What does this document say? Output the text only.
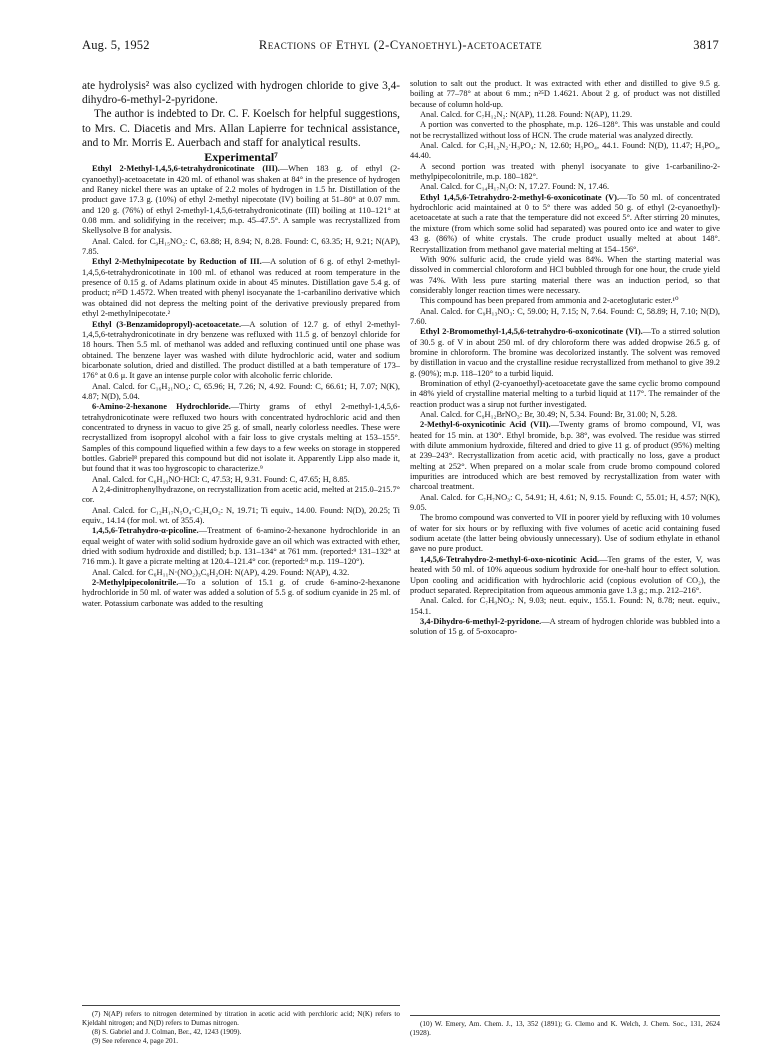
Aug. 5, 1952	Reactions of Ethyl (2-Cyanoethyl)-acetoacetate	3817

ate hydrolysis² was also cyclized with hydrogen chloride to give 3,4-dihydro-6-methyl-2-pyridone.

The author is indebted to Dr. C. F. Koelsch for helpful suggestions, to Mrs. C. Diacetis and Mrs. Allan Lapierre for technical assistance, and to Mr. Morris E. Auerbach and staff for analytical results.

Experimental⁷

Ethyl 2-Methyl-1,4,5,6-tetrahydronicotinate (III).—When 183 g. of ethyl (2-cyanoethyl)-acetoacetate in 420 ml. of ethanol was shaken at 84° in the presence of hydrogen and Raney nickel there was an uptake of 2.2 moles of hydrogen in 1.5 hr. Distillation of the product gave 17.3 g. (10%) of ethyl 2-methyl nipecotate (IV) boiling at 51–80° at 0.07 mm. and 120 g. (76%) of ethyl 2-methyl-1,4,5,6-tetrahydronicotinate (III) boiling at 110–121° at 0.08 mm. and solidifying in the receiver; m.p. 45–47.5°. A sample was recrystallized from Skellysolve B for analysis.

Anal. Calcd. for C₉H₁₅NO₂: C, 63.88; H, 8.94; N, 8.28. Found: C, 63.35; H, 9.21; N(AP), 7.85.

Ethyl 2-Methylnipecotate by Reduction of III.—A solution of 6 g. of ethyl 2-methyl-1,4,5,6-tetrahydronicotinate in 100 ml. of ethanol was reduced at room temperature in the presence of 0.15 g. of Adams platinum oxide in about 45 minutes. Distillation gave 5.4 g. of product; n²⁵D 1.4572. When treated with phenyl isocyanate the 1-carbanilino derivative which was obtained did not depress the melting point of the derivative previously prepared from ethyl 2-methylnipecotate.²

Ethyl (3-Benzamidopropyl)-acetoacetate.—A solution of 12.7 g. of ethyl 2-methyl-1,4,5,6-tetrahydronicotinate in dry benzene was refluxed with 11.5 g. of benzoyl chloride for 18 hours. Then 5.5 ml. of methanol was added and refluxing continued until one phase was obtained. The benzene layer was washed with dilute hydrochloric acid, water and sodium bicarbonate solution, dried and distilled. The product distilled at a bath temperature of 173–176° at 0.6 μ. It gave an intense purple color with alcoholic ferric chloride.

Anal. Calcd. for C₁₆H₂₁NO₄: C, 65.96; H, 7.26; N, 4.92. Found: C, 66.61; H, 7.07; N(K), 4.87; N(D), 5.04.

6-Amino-2-hexanone Hydrochloride.—Thirty grams of ethyl 2-methyl-1,4,5,6-tetrahydronicotinate were refluxed two hours with concentrated hydrochloric acid and then concentrated to dryness in vacuo to give 25 g. of small, nearly colorless needles. These were recrystallized from isopropyl alcohol with a fair loss to give crystals melting at 153–155°. Samples of this compound liquefied within a few days to a few weeks on storage in stoppered bottles. Gabriel⁸ prepared this compound but did not isolate it. Apparently Lipp also made it, but found that it was too hygroscopic to characterize.⁹

Anal. Calcd. for C₆H₁₃NO·HCl: C, 47.53; H, 9.31. Found: C, 47.65; H, 8.85.

A 2,4-dinitrophenylhydrazone, on recrystallization from acetic acid, melted at 215.0–215.7° cor.

Anal. Calcd. for C₁₂H₁₇N₅O₄·C₂H₄O₂: N, 19.71; Ti equiv., 14.00. Found: N(D), 20.25; Ti equiv., 14.14 (for mol. wt. of 355.4).

1,4,5,6-Tetrahydro-α-picoline.—Treatment of 6-amino-2-hexanone hydrochloride in an equal weight of water with solid sodium hydroxide gave an oil which was extracted with ether, dried with sodium hydroxide and distilled; b.p. 131–134° at 761 mm. (reported:⁹ 131–132° at 716 mm.). It gave a picrate melting at 120.4–121.4° cor. (reported:⁹ m.p. 119–120°).

Anal. Calcd. for C₆H₁₁N·(NO₂)₃C₆H₂OH: N(AP), 4.29. Found: N(AP), 4.32.

2-Methylpipecolonitrile.—To a solution of 15.1 g. of crude 6-amino-2-hexanone hydrochloride in 50 ml. of water was added a solution of 5.5 g. of sodium cyanide in 25 ml. of water. Potassium carbonate was added to the resulting

(7) N(AP) refers to nitrogen determined by titration in acetic acid with perchloric acid; N(K) refers to Kjeldahl nitrogen; and N(D) refers to Dumas nitrogen.
(8) S. Gabriel and J. Colman, Ber., 42, 1243 (1909).
(9) See reference 4, page 201.

solution to salt out the product. It was extracted with ether and distilled to give 9.5 g. boiling at 77–78° at about 6 mm.; n²⁵D 1.4621. About 2 g. of product was not distilled because of column hold-up.

Anal. Calcd. for C₇H₁₂N₂: N(AP), 11.28. Found: N(AP), 11.29.

A portion was converted to the phosphate, m.p. 126–128°. This was unstable and could not be recrystallized without loss of HCN. The crude material was analyzed directly.

Anal. Calcd. for C₇H₁₂N₂·H₃PO₄: N, 12.60; H₃PO₄, 44.1. Found: N(D), 11.47; H₃PO₄, 44.40.

A second portion was treated with phenyl isocyanate to give 1-carbanilino-2-methylpipecolonitrile, m.p. 180–182°.

Anal. Calcd. for C₁₄H₁₇N₃O: N, 17.27. Found: N, 17.46.

Ethyl 1,4,5,6-Tetrahydro-2-methyl-6-oxonicotinate (V).—To 50 ml. of concentrated hydrochloric acid maintained at 0 to 5° there was added 50 g. of ethyl (2-cyanoethyl)-acetoacetate at such a rate that the temperature did not exceed 5°. After stirring 20 minutes, the mixture (from which some solid had separated) was poured onto ice and water to give 43 g. (86%) of white crystals. The crude product usually melted at about 148°. Recrystallization from methanol gave material melting at 154–156°.

With 90% sulfuric acid, the crude yield was 84%. When the starting material was dissolved in commercial chloroform and HCl bubbled through for one hour, the crude yield was 74%. With less pure starting material there was an induction period, so that considerably longer reaction times were necessary.

This compound has been prepared from ammonia and 2-acetoglutaric ester.¹⁰

Anal. Calcd. for C₉H₁₃NO₃: C, 59.00; H, 7.15; N, 7.64. Found: C, 58.89; H, 7.10; N(D), 7.60.

Ethyl 2-Bromomethyl-1,4,5,6-tetrahydro-6-oxonicotinate (VI).—To a stirred solution of 30.5 g. of V in about 250 ml. of dry chloroform there was added dropwise 26.5 g. of bromine in chloroform. The bromine was decolorized instantly. The solvent was removed by distillation in vacuo and the crystalline residue recrystallized from methanol to give 39.2 g. (90%); m.p. 118–120° to a turbid liquid.

Bromination of ethyl (2-cyanoethyl)-acetoacetate gave the same cyclic bromo compound in 48% yield of crystalline material melting to a turbid liquid at 117°. The remainder of the reaction product was a sirup not further investigated.

Anal. Calcd. for C₉H₁₂BrNO₃: Br, 30.49; N, 5.34. Found: Br, 31.00; N, 5.28.

2-Methyl-6-oxynicotinic Acid (VII).—Twenty grams of bromo compound, VI, was heated for 15 min. at 130°. Ethyl bromide, b.p. 38°, was evolved. The residue was stirred with dilute ammonium hydroxide, filtered and dried to give 11 g. of product (95%) melting at 239–243°. Recrystallization from acetic acid, with practically no loss, gave a product melting at 252°. When prepared on a molar scale from crude bromo compound colored impurities are introduced which are best removed by recrystallization from water with charcoal treatment.

Anal. Calcd. for C₇H₇NO₃: C, 54.91; H, 4.61; N, 9.15. Found: C, 55.01; H, 4.57; N(K), 9.05.

The bromo compound was converted to VII in poorer yield by refluxing with 10 volumes of water for six hours or by refluxing with five volumes of acetic acid containing fused sodium acetate (the latter being obviously unnecessary). Use of sodium ethylate in ethanol gave no pure product.

1,4,5,6-Tetrahydro-2-methyl-6-oxo-nicotinic Acid.—Ten grams of the ester, V, was heated with 50 ml. of 10% aqueous sodium hydroxide for one-half hour to effect solution. Upon cooling and acidification with hydrochloric acid (copious evolution of CO₂), the product separated. Reprecipitation from aqueous ammonia gave 1.3 g.; m.p. 212–216°.

Anal. Calcd. for C₇H₉NO₃: N, 9.03; neut. equiv., 155.1. Found: N, 8.78; neut. equiv., 154.1.

3,4-Dihydro-6-methyl-2-pyridone.—A stream of hydrogen chloride was bubbled into a solution of 15 g. of 5-oxocapro-

(10) W. Emery, Am. Chem. J., 13, 352 (1891); G. Clemo and K. Welch, J. Chem. Soc., 131, 2624 (1928).
